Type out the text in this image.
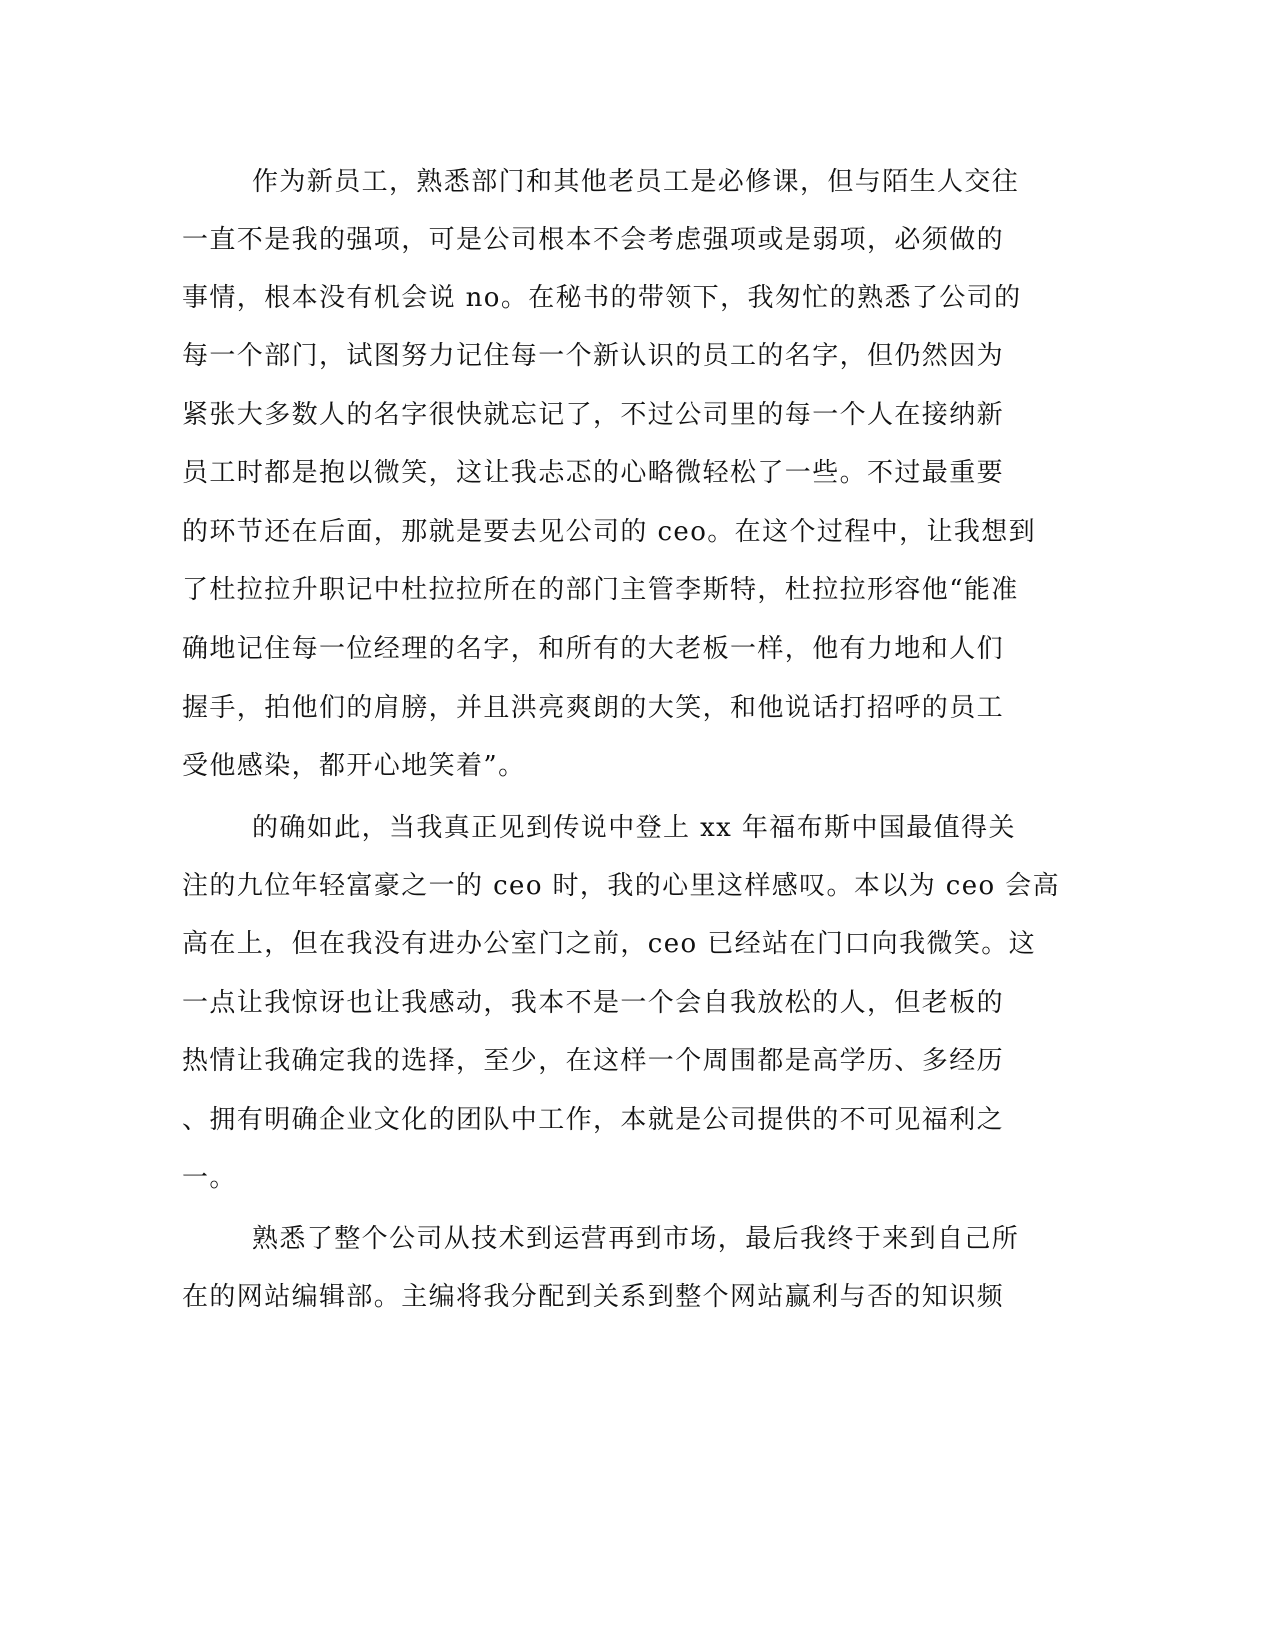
作为新员工，熟悉部门和其他老员工是必修课，但与陌生人交往
一直不是我的强项，可是公司根本不会考虑强项或是弱项，必须做的
事情，根本没有机会说 no。在秘书的带领下，我匆忙的熟悉了公司的
每一个部门，试图努力记住每一个新认识的员工的名字，但仍然因为
紧张大多数人的名字很快就忘记了，不过公司里的每一个人在接纳新
员工时都是抱以微笑，这让我忐忑的心略微轻松了一些。不过最重要
的环节还在后面，那就是要去见公司的 ceo。在这个过程中，让我想到
了杜拉拉升职记中杜拉拉所在的部门主管李斯特，杜拉拉形容他“能准
确地记住每一位经理的名字，和所有的大老板一样，他有力地和人们
握手，拍他们的肩膀，并且洪亮爽朗的大笑，和他说话打招呼的员工
受他感染，都开心地笑着”。
的确如此，当我真正见到传说中登上 xx 年福布斯中国最值得关
注的九位年轻富豪之一的 ceo 时，我的心里这样感叹。本以为 ceo 会高
高在上，但在我没有进办公室门之前，ceo 已经站在门口向我微笑。这
一点让我惊讶也让我感动，我本不是一个会自我放松的人，但老板的
热情让我确定我的选择，至少，在这样一个周围都是高学历、多经历
、拥有明确企业文化的团队中工作，本就是公司提供的不可见福利之
一。
熟悉了整个公司从技术到运营再到市场，最后我终于来到自己所
在的网站编辑部。主编将我分配到关系到整个网站赢利与否的知识频
